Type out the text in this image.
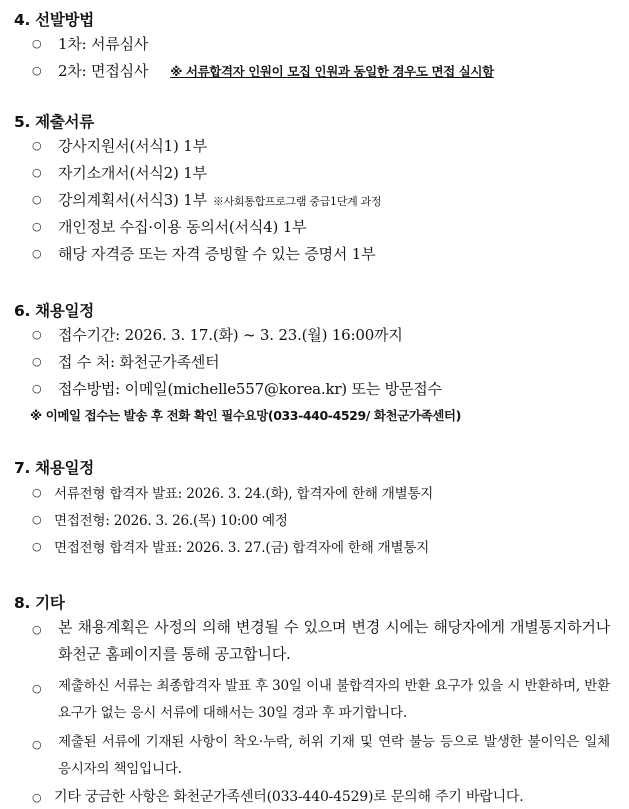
4. 선발방법
○ 1차: 서류심사
○ 2차: 면접심사 ※ 서류합격자 인원이 모집 인원과 동일한 경우도 면접 실시함
5. 제출서류
○ 강사지원서(서식1) 1부
○ 자기소개서(서식2) 1부
○ 강의계획서(서식3) 1부 ※사회통합프로그램 중급1단계 과정
○ 개인정보 수집·이용 동의서(서식4) 1부
○ 해당 자격증 또는 자격 증빙할 수 있는 증명서 1부
6. 채용일정
○ 접수기간: 2026. 3. 17.(화) ~ 3. 23.(월) 16:00까지
○ 접 수 처: 화천군가족센터
○ 접수방법: 이메일(michelle557@korea.kr) 또는 방문접수
※ 이메일 접수는 발송 후 전화 확인 필수요망(033-440-4529/ 화천군가족센터)
7. 채용일정
○ 서류전형 합격자 발표: 2026. 3. 24.(화), 합격자에 한해 개별통지
○ 면접전형: 2026. 3. 26.(목) 10:00 예정
○ 면접전형 합격자 발표: 2026. 3. 27.(금) 합격자에 한해 개별통지
8. 기타
○ 본 채용계획은 사정의 의해 변경될 수 있으며 변경 시에는 해당자에게 개별통지하거나 화천군 홈페이지를 통해 공고합니다.
○ 제출하신 서류는 최종합격자 발표 후 30일 이내 불합격자의 반환 요구가 있을 시 반환하며, 반환 요구가 없는 응시 서류에 대해서는 30일 경과 후 파기합니다.
○ 제출된 서류에 기재된 사항이 착오·누락, 허위 기재 및 연락 불능 등으로 발생한 불이익은 일체 응시자의 책임입니다.
○ 기타 궁금한 사항은 화천군가족센터(033-440-4529)로 문의해 주기 바랍니다.
